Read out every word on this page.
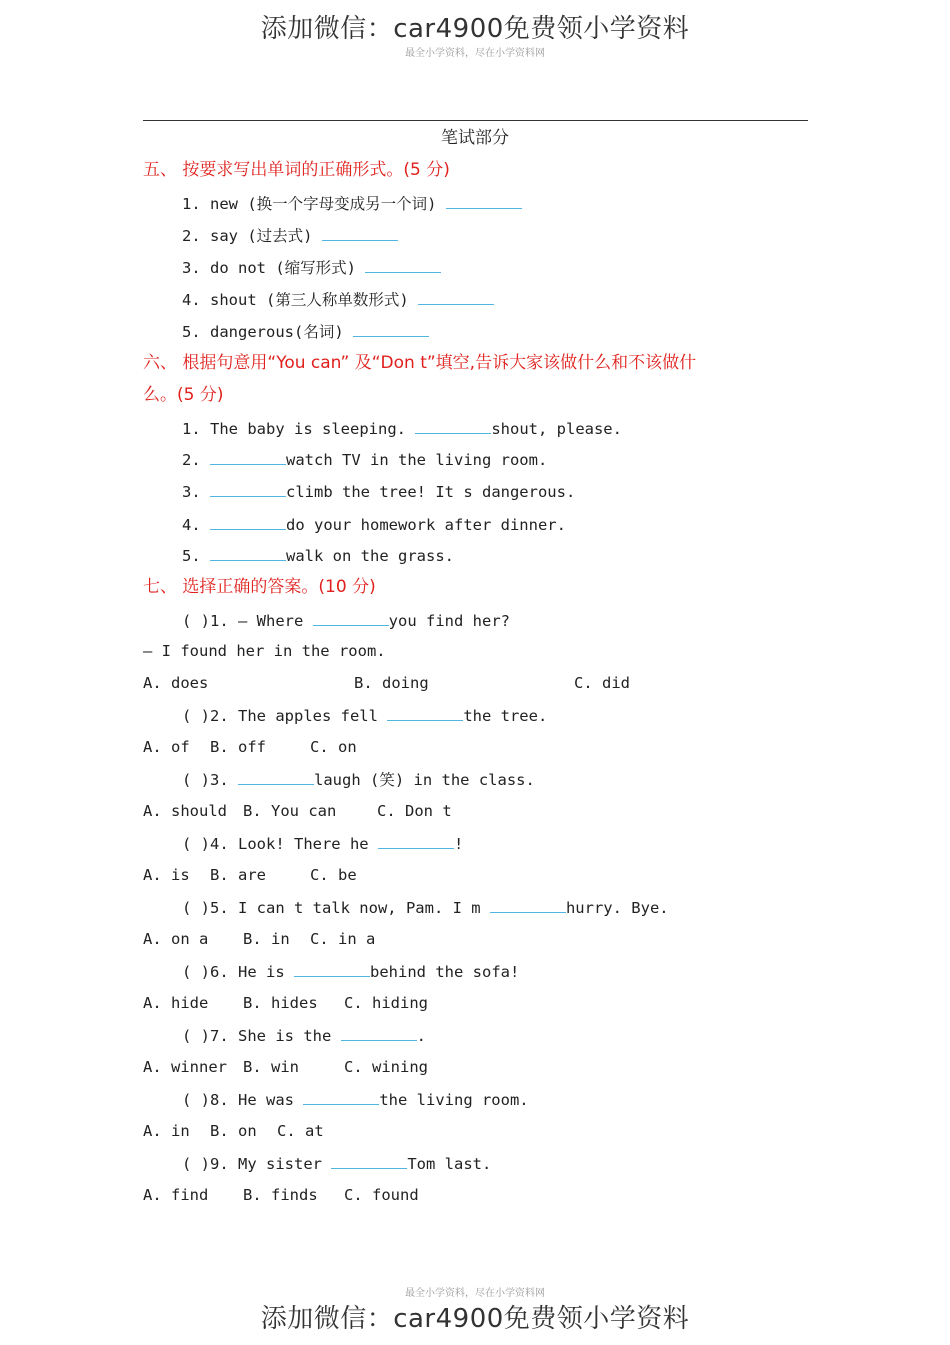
添加微信：car4900免费领小学资料
最全小学资料，尽在小学资料网
笔试部分
五、 按要求写出单词的正确形式。(5 分)
1. new (换一个字母变成另一个词)
2. say (过去式)
3. do not (缩写形式)
4. shout (第三人称单数形式)
5. dangerous(名词)
六、 根据句意用“You can” 及“Don t”填空,告诉大家该做什么和不该做什
么。(5 分)
1. The baby is sleeping.	shout, please.
2.	watch TV in the living room.
3.	climb the tree! It s dangerous.
4.	do your homework after dinner.
5.	walk on the grass.
七、 选择正确的答案。(10 分)
( )1. — Where	you find her?
— I found her in the room.
A. does	B. doing	C. did
( )2. The apples fell	the tree.
A. of B. off	C. on
( )3.	laugh (笑) in the class.
A. should B. You can	C. Don t
( )4. Look! There he	!
A. is B. are	C. be
( )5. I can t talk now, Pam. I m	hurry. Bye.
A. on a B. in C. in a
( )6. He is	behind the sofa!
A. hide B. hides C. hiding
( )7. She is the	.
A. winner B. win	C. wining
( )8. He was	the living room.
A. in B. on C. at
( )9. My sister	Tom last.
A. find B. finds C. found
最全小学资料，尽在小学资料网
添加微信：car4900免费领小学资料
